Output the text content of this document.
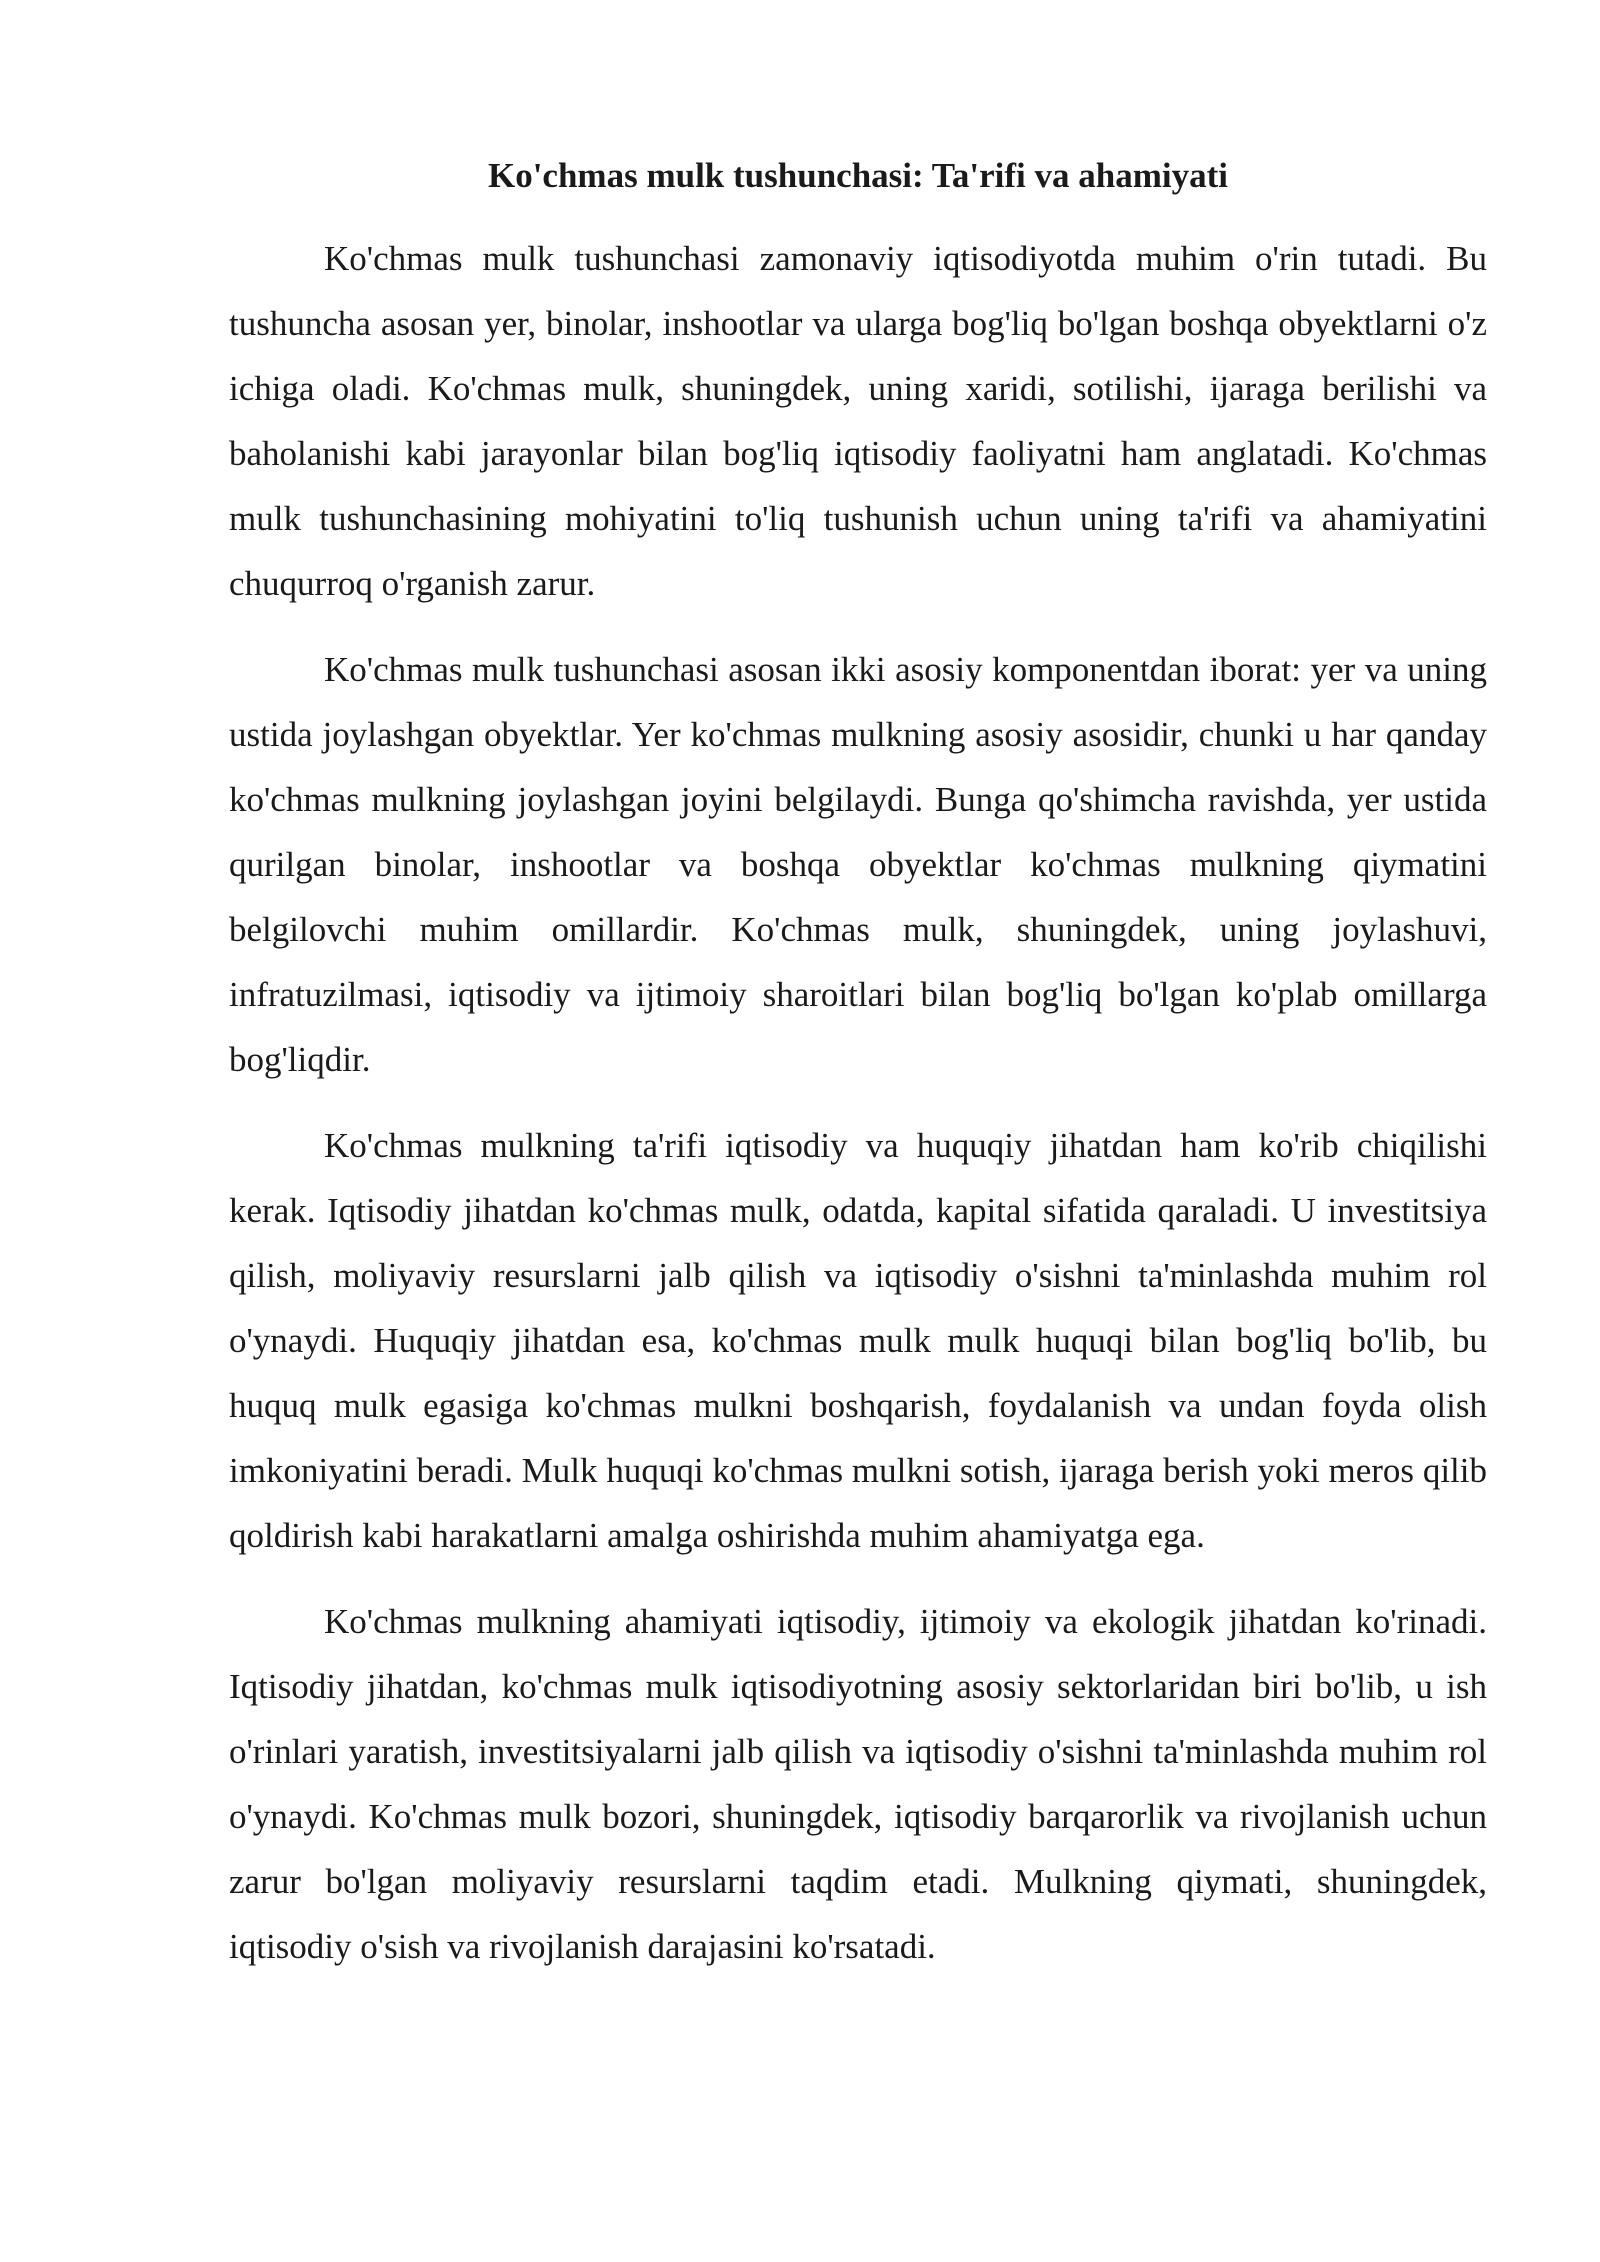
Ko'chmas mulk tushunchasi: Ta'rifi va ahamiyati

Ko'chmas mulk tushunchasi zamonaviy iqtisodiyotda muhim o'rin tutadi. Bu tushuncha asosan yer, binolar, inshootlar va ularga bog'liq bo'lgan boshqa obyektlarni o'z ichiga oladi. Ko'chmas mulk, shuningdek, uning xaridi, sotilishi, ijaraga berilishi va baholanishi kabi jarayonlar bilan bog'liq iqtisodiy faoliyatni ham anglatadi. Ko'chmas mulk tushunchasining mohiyatini to'liq tushunish uchun uning ta'rifi va ahamiyatini chuqurroq o'rganish zarur.

Ko'chmas mulk tushunchasi asosan ikki asosiy komponentdan iborat: yer va uning ustida joylashgan obyektlar. Yer ko'chmas mulkning asosiy asosidir, chunki u har qanday ko'chmas mulkning joylashgan joyini belgilaydi. Bunga qo'shimcha ravishda, yer ustida qurilgan binolar, inshootlar va boshqa obyektlar ko'chmas mulkning qiymatini belgilovchi muhim omillardir. Ko'chmas mulk, shuningdek, uning joylashuvi, infratuzilmasi, iqtisodiy va ijtimoiy sharoitlari bilan bog'liq bo'lgan ko'plab omillarga bog'liqdir.

Ko'chmas mulkning ta'rifi iqtisodiy va huquqiy jihatdan ham ko'rib chiqilishi kerak. Iqtisodiy jihatdan ko'chmas mulk, odatda, kapital sifatida qaraladi. U investitsiya qilish, moliyaviy resurslarni jalb qilish va iqtisodiy o'sishni ta'minlashda muhim rol o'ynaydi. Huquqiy jihatdan esa, ko'chmas mulk mulk huquqi bilan bog'liq bo'lib, bu huquq mulk egasiga ko'chmas mulkni boshqarish, foydalanish va undan foyda olish imkoniyatini beradi. Mulk huquqi ko'chmas mulkni sotish, ijaraga berish yoki meros qilib qoldirish kabi harakatlarni amalga oshirishda muhim ahamiyatga ega.

Ko'chmas mulkning ahamiyati iqtisodiy, ijtimoiy va ekologik jihatdan ko'rinadi. Iqtisodiy jihatdan, ko'chmas mulk iqtisodiyotning asosiy sektorlaridan biri bo'lib, u ish o'rinlari yaratish, investitsiyalarni jalb qilish va iqtisodiy o'sishni ta'minlashda muhim rol o'ynaydi. Ko'chmas mulk bozori, shuningdek, iqtisodiy barqarorlik va rivojlanish uchun zarur bo'lgan moliyaviy resurslarni taqdim etadi. Mulkning qiymati, shuningdek, iqtisodiy o'sish va rivojlanish darajasini ko'rsatadi.
